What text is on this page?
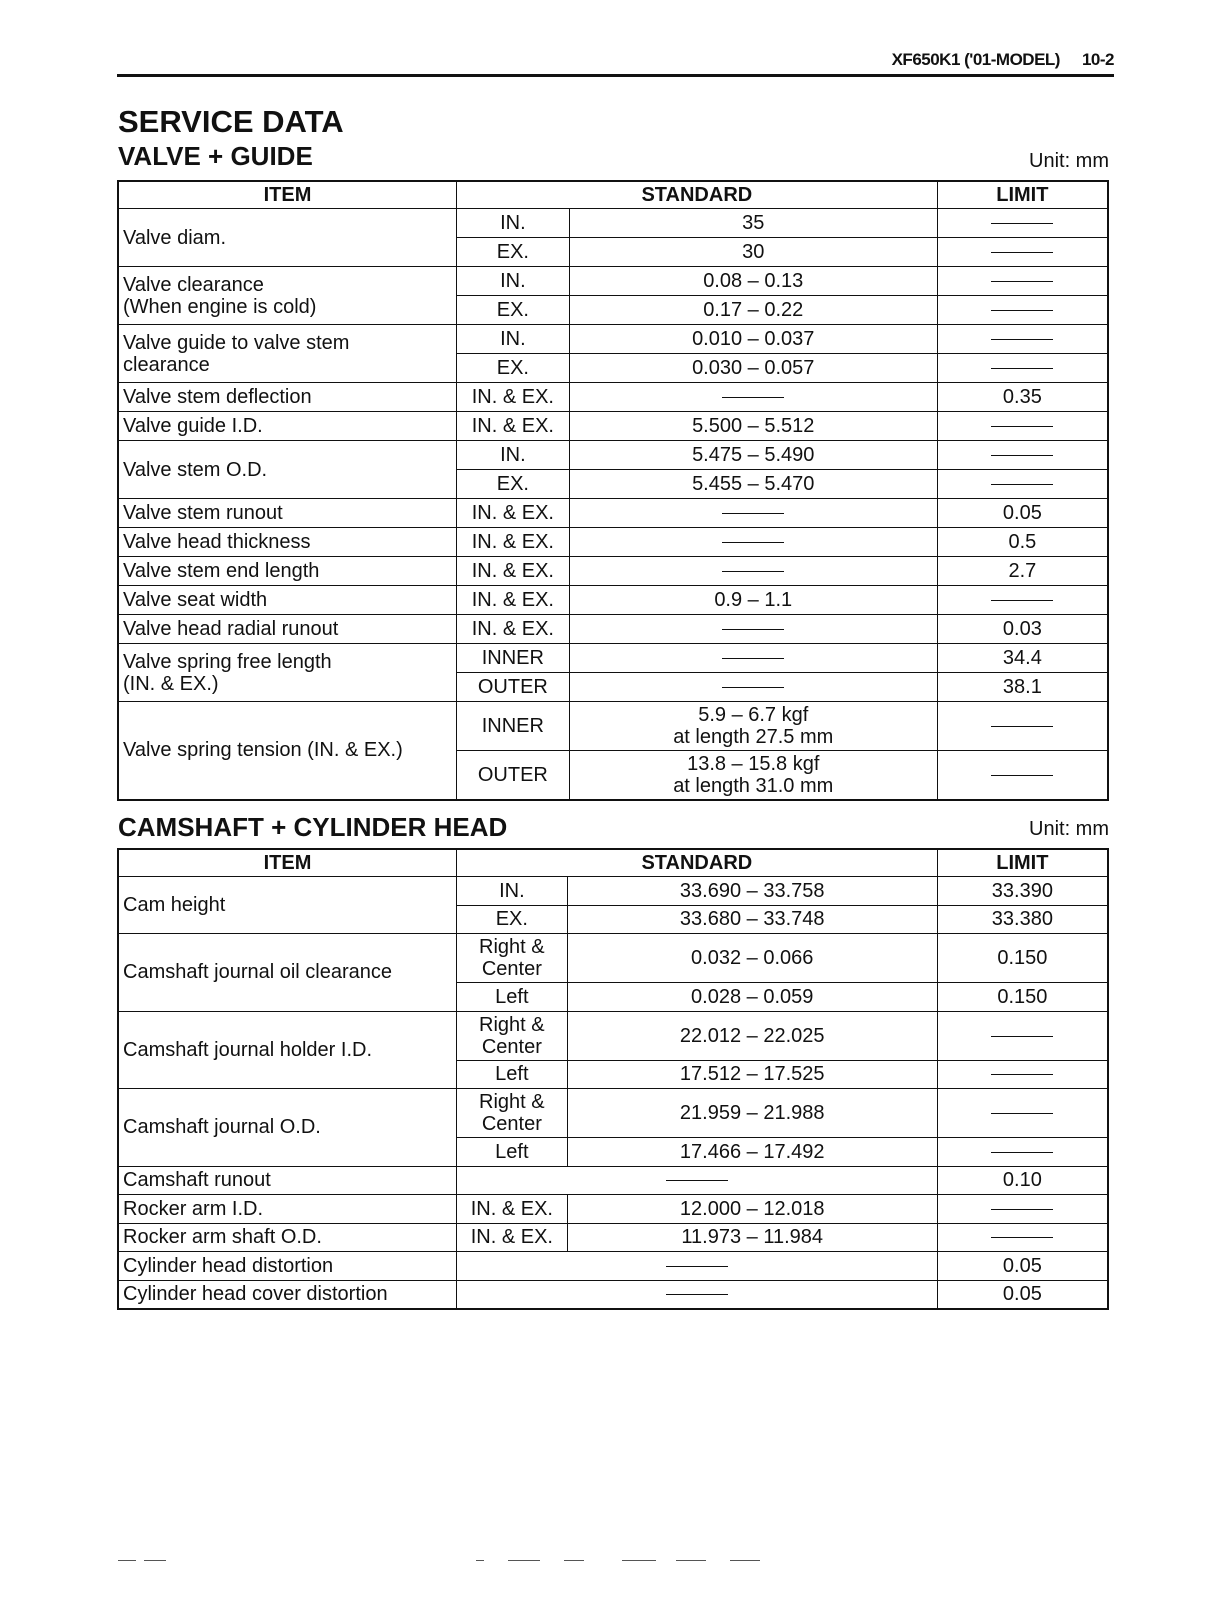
XF650K1 ('01-MODEL) 10-2
SERVICE DATA
VALVE + GUIDE	Unit: mm
ITEM	STANDARD		LIMIT
Valve diam.	IN.	35	
	EX.	30	
Valve clearance
(When engine is cold)	IN.	0.08 – 0.13	
	EX.	0.17 – 0.22	
Valve guide to valve stem
clearance	IN.	0.010 – 0.037	
	EX.	0.030 – 0.057	
Valve stem deflection	IN. & EX.		0.35
Valve guide I.D.	IN. & EX.	5.500 – 5.512	
Valve stem O.D.	IN.	5.475 – 5.490	
	EX.	5.455 – 5.470	
Valve stem runout	IN. & EX.		0.05
Valve head thickness	IN. & EX.		0.5
Valve stem end length	IN. & EX.		2.7
Valve seat width	IN. & EX.	0.9 – 1.1	
Valve head radial runout	IN. & EX.		0.03
Valve spring free length
(IN. & EX.)	INNER		34.4
	OUTER		38.1
Valve spring tension (IN. & EX.)	INNER	5.9 – 6.7 kgf
at length 27.5 mm	
	OUTER	13.8 – 15.8 kgf
at length 31.0 mm	
CAMSHAFT + CYLINDER HEAD	Unit: mm
ITEM	STANDARD		LIMIT
Cam height	IN.	33.690 – 33.758	33.390
	EX.	33.680 – 33.748	33.380
Camshaft journal oil clearance	Right &
Center	0.032 – 0.066	0.150
	Left	0.028 – 0.059	0.150
Camshaft journal holder I.D.	Right &
Center	22.012 – 22.025	
	Left	17.512 – 17.525	
Camshaft journal O.D.	Right &
Center	21.959 – 21.988	
	Left	17.466 – 17.492	
Camshaft runout			0.10
Rocker arm I.D.	IN. & EX.	12.000 – 12.018	
Rocker arm shaft O.D.	IN. & EX.	11.973 – 11.984	
Cylinder head distortion			0.05
Cylinder head cover distortion			0.05
